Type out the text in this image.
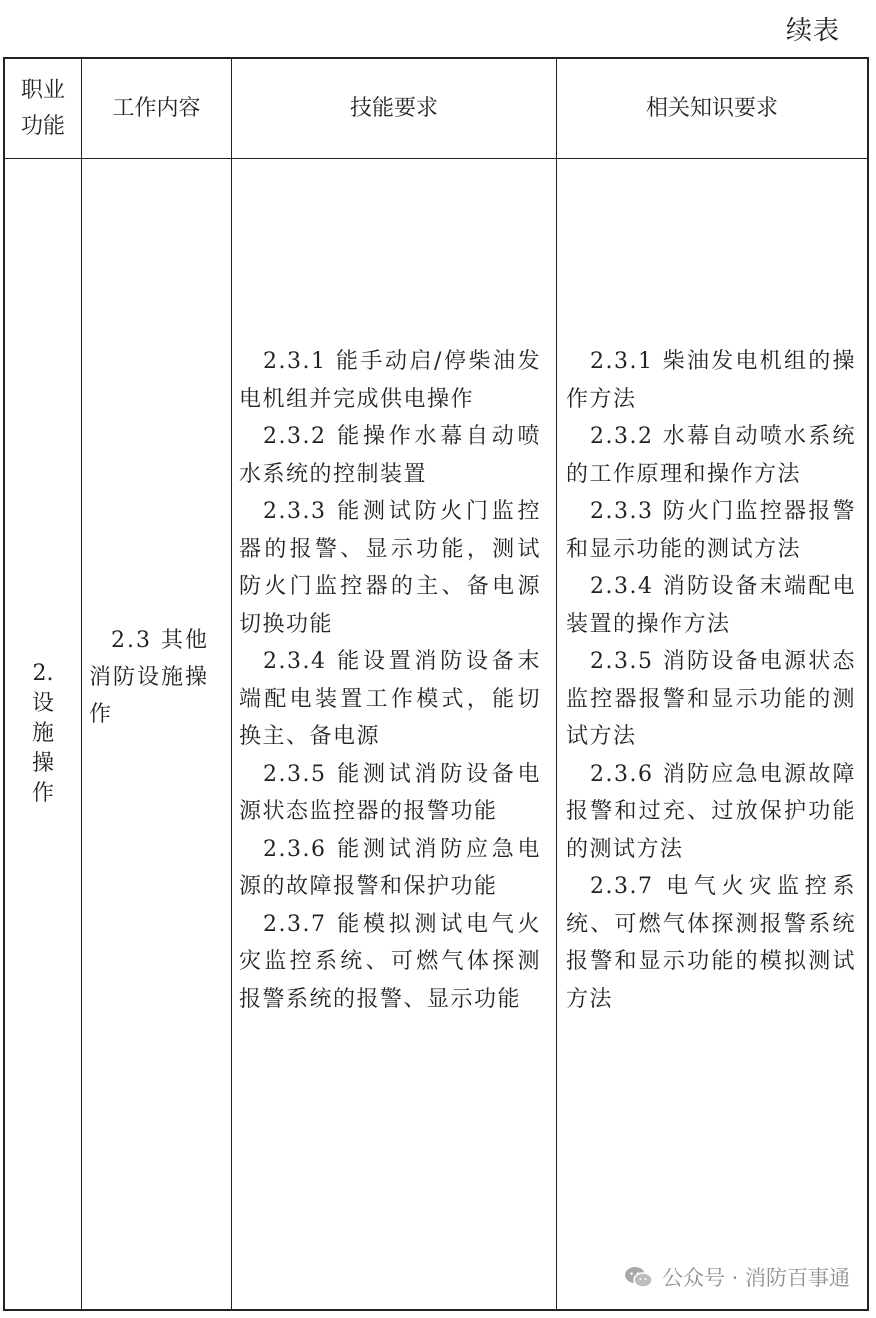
续表
职业功能
工作内容	技能要求	相关知识要求
2.
设施操作
2.3 其他消防设施操作

2.3.1 能手动启/停柴油发电机组并完成供电操作

2.3.2 能操作水幕自动喷水系统的控制装置

2.3.3 能测试防火门监控器的报警、显示功能，测试防火门监控器的主、备电源切换功能

2.3.4 能设置消防设备末端配电装置工作模式，能切换主、备电源

2.3.5 能测试消防设备电源状态监控器的报警功能

2.3.6 能测试消防应急电源的故障报警和保护功能

2.3.7 能模拟测试电气火灾监控系统、可燃气体探测报警系统的报警、显示功能

2.3.1 柴油发电机组的操作方法

2.3.2 水幕自动喷水系统的工作原理和操作方法

2.3.3 防火门监控器报警和显示功能的测试方法

2.3.4 消防设备末端配电装置的操作方法

2.3.5 消防设备电源状态监控器报警和显示功能的测试方法

2.3.6 消防应急电源故障报警和过充、过放保护功能的测试方法

2.3.7 电气火灾监控系统、可燃气体探测报警系统报警和显示功能的模拟测试方法

公众号 · 消防百事通
